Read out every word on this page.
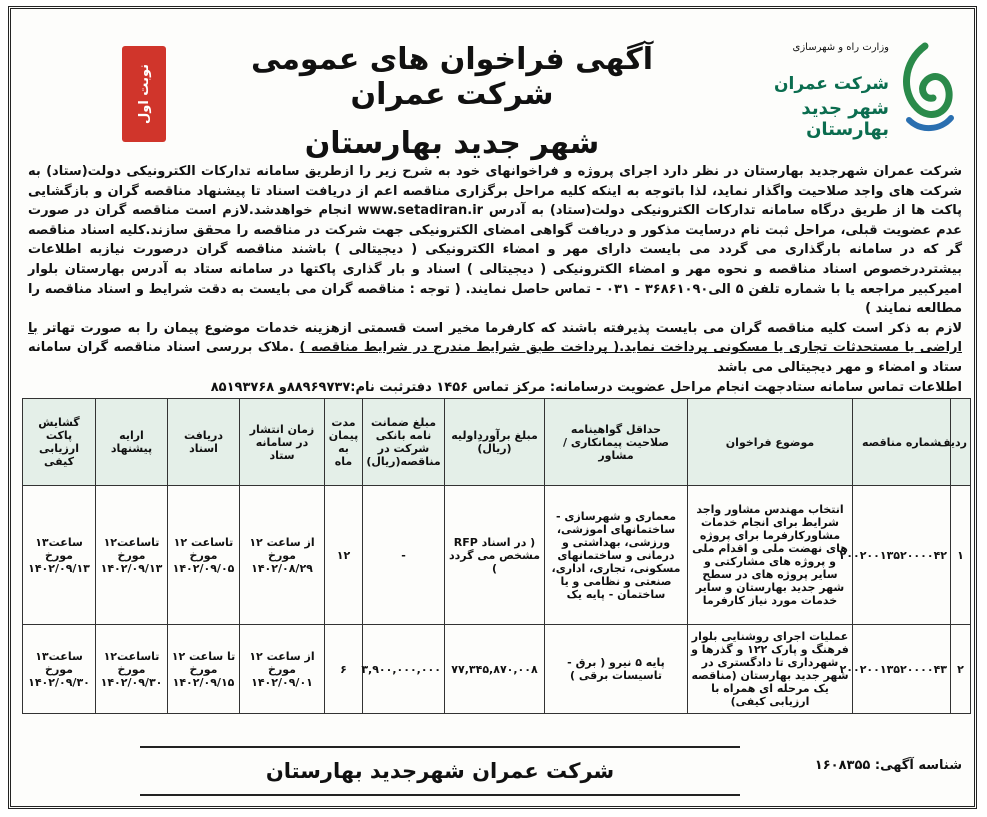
وزارت راه و شهرسازی
شرکت عمران
شهر جدید بهارستان
آگهی فراخوان های عمومی شرکت عمران
شهر جدید بهارستان
نوبت اول

شرکت عمران شهرجدید بهارستان در نظر دارد اجرای پروژه و فراخوانهای خود به شرح زیر را ازطریق سامانه تدارکات الکترونیکی دولت(ستاد) به شرکت های واجد صلاحیت واگذار نماید، لذا باتوجه به اینکه کلیه مراحل برگزاری مناقصه اعم از دریافت اسناد تا پیشنهاد مناقصه گران و بازگشایی پاکت ها از طریق درگاه سامانه تدارکات الکترونیکی دولت(ستاد) به آدرس www.setadiran.ir انجام خواهدشد.لازم است مناقصه گران در صورت عدم عضویت قبلی، مراحل ثبت نام درسایت مذکور و دریافت گواهی امضای الکترونیکی جهت شرکت در مناقصه را محقق سازند.کلیه اسناد مناقصه گر که در سامانه بارگذاری می گردد می بایست دارای مهر و امضاء الکترونیکی ( دیجیتالی ) باشند مناقصه گران درصورت نیازبه اطلاعات بیشتردرخصوص اسناد مناقصه و نحوه مهر و امضاء الکترونیکی ( دیجیتالی ) اسناد و بار گذاری پاکتها در سامانه ستاد به آدرس بهارستان بلوار امیرکبیر مراجعه یا با شماره تلفن ۵ الی۳۶۸۶۱۰۹۰ - ۰۳۱ - تماس حاصل نمایند. ( توجه : مناقصه گران می بایست به دقت شرایط و اسناد مناقصه را مطالعه نمایند )

لازم به ذکر است کلیه مناقصه گران می بایست پذیرفته باشند که کارفرما مخیر است قسمتی ازهزینه خدمات موضوع پیمان را به صورت تهاتر با اراضی یا مستحدثات تجاری یا مسکونی پرداخت نماید.( پرداخت طبق شرایط مندرج در شرایط مناقصه ) .ملاک بررسی اسناد مناقصه گران سامانه ستاد و امضاء و مهر دیجیتالی می باشد

اطلاعات تماس سامانه ستادجهت انجام مراحل عضویت درسامانه: مرکز تماس ۱۴۵۶ دفترثبت نام:۸۸۹۶۹۷۳۷و ۸۵۱۹۳۷۶۸

ردیف	شماره مناقصه	موضوع فراخوان	حداقل گواهینامه صلاحیت پیمانکاری / مشاور	مبلغ برآوردِاولیه (ریال)	مبلغ ضمانت نامه بانکی شرکت در مناقصه(ریال)	مدت پیمان به ماه	زمان انتشار در سامانه ستاد	دریافت اسناد	ارایه پیشنهاد	گشایش پاکت ارزیابی کیفی
۱	۲۰۰۲۰۰۱۳۵۲۰۰۰۰۴۲	انتخاب مهندس مشاور واجد شرایط برای انجام خدمات مشاورکارفرما برای پروژه های نهضت ملی و اقدام ملی و پروژه های مشارکتی و سایر پروژه های در سطح شهر جدید بهارستان و سایر خدمات مورد نیاز کارفرما	معماری و شهرسازی - ساختمانهای اموزشی، ورزشی، بهداشتی و درمانی و ساختمانهای مسکونی، تجاری، اداری، صنعتی و نظامی و یا ساختمان - پایه یک	( در اسناد RFP مشخص می گردد )	-	۱۲	از ساعت ۱۲ مورخ ۱۴۰۲/۰۸/۲۹	تاساعت ۱۲ مورخ ۱۴۰۲/۰۹/۰۵	تاساعت۱۲ مورخ ۱۴۰۲/۰۹/۱۳	ساعت۱۳ مورخ ۱۴۰۲/۰۹/۱۳
۲	۲۰۰۲۰۰۱۳۵۲۰۰۰۰۴۳	عملیات اجرای روشنایی بلوار فرهنگ و پارک ۱۲۲ و گذرها و شهرداری تا دادگستری در شهر جدید بهارستان (مناقصه یک مرحله ای همراه با ارزیابی کیفی)	پایه ۵ نیرو ( برق - تاسیسات برقی )	۷۷,۳۴۵,۸۷۰,۰۰۸	۳,۹۰۰,۰۰۰,۰۰۰	۶	از ساعت ۱۲ مورخ ۱۴۰۲/۰۹/۰۱	تا ساعت ۱۲ مورخ ۱۴۰۲/۰۹/۱۵	تاساعت۱۲ مورخ ۱۴۰۲/۰۹/۳۰	ساعت۱۳ مورخ ۱۴۰۲/۰۹/۳۰
شناسه آگهی: ۱۶۰۸۳۵۵
شرکت عمران شهرجدید بهارستان
